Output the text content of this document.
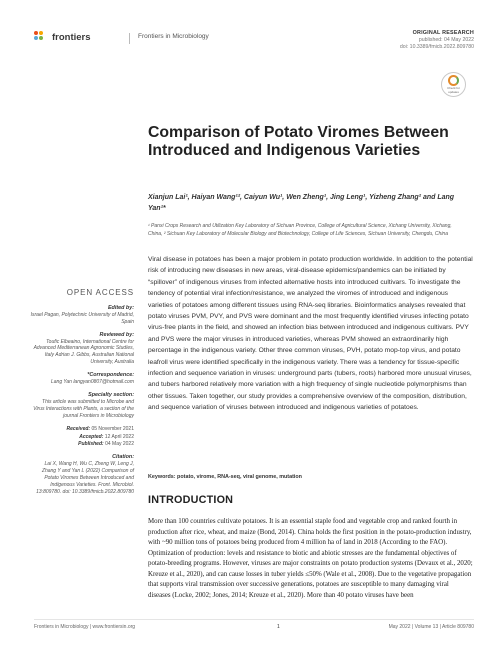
frontiers	Frontiers in Microbiology	ORIGINAL RESEARCH
published: 04 May 2022
doi: 10.3389/fmicb.2022.809780
Check for
updates
Comparison of Potato Viromes Between Introduced and Indigenous Varieties
Xianjun Lai¹, Haiyan Wang¹², Caiyun Wu¹, Wen Zheng¹, Jing Leng¹, Yizheng Zhang² and Lang Yan¹*
¹ Panxi Crops Research and Utilization Key Laboratory of Sichuan Province, College of Agricultural Science, Xichang University, Xichang, China, ² Sichuan Key Laboratory of Molecular Biology and Biotechnology, College of Life Sciences, Sichuan University, Chengdu, China
OPEN ACCESS
Edited by:
Israel Pagan, Polytechnic University of Madrid, Spain
Reviewed by:
Toufic Elbeaino, International Centre for Advanced Mediterranean Agronomic Studies, Italy Adrian J. Gibbs, Australian National University, Australia
*Correspondence:
Lang Yan langyan0807@hotmail.com
Specialty section:
This article was submitted to Microbe and Virus Interactions with Plants, a section of the journal Frontiers in Microbiology
Received: 05 November 2021
Accepted: 12 April 2022
Published: 04 May 2022
Citation:
Lai X, Wang H, Wu C, Zheng W, Leng J, Zhang Y and Yan L (2022) Comparison of Potato Viromes Between Introduced and Indigenous Varieties. Front. Microbiol. 13:809780. doi: 10.3389/fmicb.2022.809780

Viral disease in potatoes has been a major problem in potato production worldwide. In addition to the potential risk of introducing new diseases in new areas, viral-disease epidemics/pandemics can be initiated by “spillover” of indigenous viruses from infected alternative hosts into introduced cultivars. To investigate the tendency of potential viral infection/resistance, we analyzed the viromes of introduced and indigenous varieties of potatoes among different tissues using RNA-seq libraries. Bioinformatics analyses revealed that potato viruses PVM, PVY, and PVS were dominant and the most frequently identified viruses infecting potato virus-free plants in the field, and showed an infection bias between introduced and indigenous cultivars. PVY and PVS were the major viruses in introduced varieties, whereas PVM showed an extraordinarily high percentage in the indigenous variety. Other three common viruses, PVH, potato mop-top virus, and potato leafroll virus were identified specifically in the indigenous variety. There was a tendency for tissue-specific infection and sequence variation in viruses: underground parts (tubers, roots) harbored more unusual viruses, and tubers harbored relatively more variation with a high frequency of single nucleotide polymorphisms than other tissues. Taken together, our study provides a comprehensive overview of the composition, distribution, and sequence variation of viruses between introduced and indigenous varieties of potatoes.

Keywords: potato, virome, RNA-seq, viral genome, mutation
INTRODUCTION

More than 100 countries cultivate potatoes. It is an essential staple food and vegetable crop and ranked fourth in production after rice, wheat, and maize (Bond, 2014). China holds the first position in the potato-production industry, with ~90 million tons of potatoes being produced from 4 million ha of land in 2018 (According to the FAO). Optimization of production: levels and resistance to biotic and abiotic stresses are the fundamental objectives of potato-breeding programs. However, viruses are major constraints on potato production systems (Devaux et al., 2020; Kreuze et al., 2020), and can cause losses in tuber yields ≤50% (Wale et al., 2008). Due to the vegetative propagation that supports viral transmission over successive generations, potatoes are susceptible to many damaging viral diseases (Locke, 2002; Jones, 2014; Kreuze et al., 2020). More than 40 potato viruses have been

Frontiers in Microbiology | www.frontiersin.org	1	May 2022 | Volume 13 | Article 809780
